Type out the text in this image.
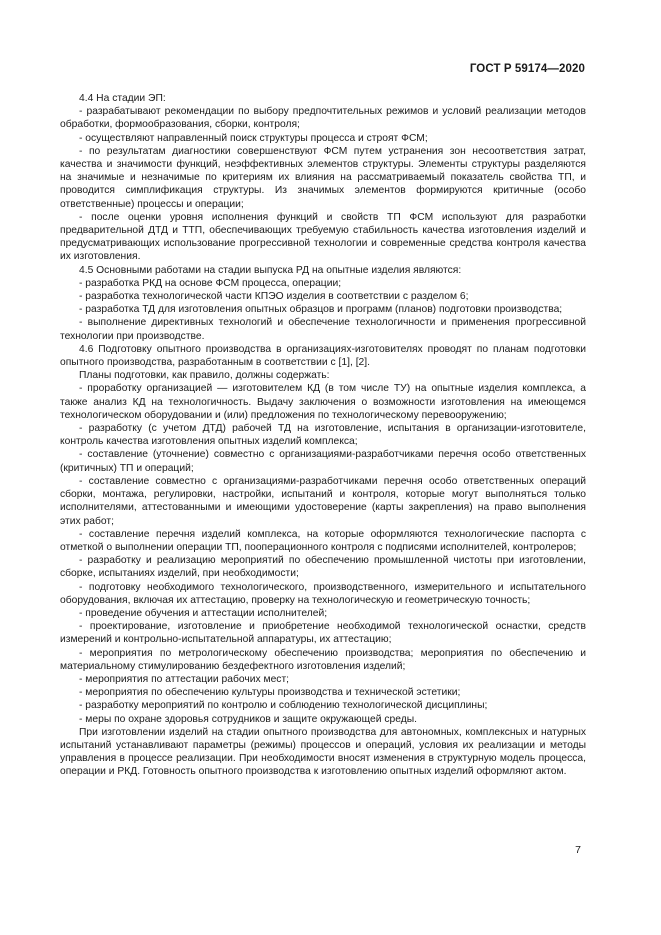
ГОСТ Р 59174—2020

4.4 На стадии ЭП:

- разрабатывают рекомендации по выбору предпочтительных режимов и условий реализации методов обработки, формообразования, сборки, контроля;

- осуществляют направленный поиск структуры процесса и строят ФСМ;

- по результатам диагностики совершенствуют ФСМ путем устранения зон несоответствия затрат, качества и значимости функций, неэффективных элементов структуры. Элементы структуры разделяются на значимые и незначимые по критериям их влияния на рассматриваемый показатель свойства ТП, и проводится симплификация структуры. Из значимых элементов формируются критичные (особо ответственные) процессы и операции;

- после оценки уровня исполнения функций и свойств ТП ФСМ используют для разработки предварительной ДТД и ТТП, обеспечивающих требуемую стабильность качества изготовления изделий и предусматривающих использование прогрессивной технологии и современные средства контроля качества их изготовления.

4.5 Основными работами на стадии выпуска РД на опытные изделия являются:

- разработка РКД на основе ФСМ процесса, операции;

- разработка технологической части КПЭО изделия в соответствии с разделом 6;

- разработка ТД для изготовления опытных образцов и программ (планов) подготовки производства;

- выполнение директивных технологий и обеспечение технологичности и применения прогрессивной технологии при производстве.

4.6 Подготовку опытного производства в организациях-изготовителях проводят по планам подготовки опытного производства, разработанным в соответствии с [1], [2].

Планы подготовки, как правило, должны содержать:

- проработку организацией — изготовителем КД (в том числе ТУ) на опытные изделия комплекса, а также анализ КД на технологичность. Выдачу заключения о возможности изготовления на имеющемся технологическом оборудовании и (или) предложения по технологическому перевооружению;

- разработку (с учетом ДТД) рабочей ТД на изготовление, испытания в организации-изготовителе, контроль качества изготовления опытных изделий комплекса;

- составление (уточнение) совместно с организациями-разработчиками перечня особо ответственных (критичных) ТП и операций;

- составление совместно с организациями-разработчиками перечня особо ответственных операций сборки, монтажа, регулировки, настройки, испытаний и контроля, которые могут выполняться только исполнителями, аттестованными и имеющими удостоверение (карты закрепления) на право выполнения этих работ;

- составление перечня изделий комплекса, на которые оформляются технологические паспорта с отметкой о выполнении операции ТП, пооперационного контроля с подписями исполнителей, контролеров;

- разработку и реализацию мероприятий по обеспечению промышленной чистоты при изготовлении, сборке, испытаниях изделий, при необходимости;

- подготовку необходимого технологического, производственного, измерительного и испытательного оборудования, включая их аттестацию, проверку на технологическую и геометрическую точность;

- проведение обучения и аттестации исполнителей;

- проектирование, изготовление и приобретение необходимой технологической оснастки, средств измерений и контрольно-испытательной аппаратуры, их аттестацию;

- мероприятия по метрологическому обеспечению производства; мероприятия по обеспечению и материальному стимулированию бездефектного изготовления изделий;

- мероприятия по аттестации рабочих мест;

- мероприятия по обеспечению культуры производства и технической эстетики;

- разработку мероприятий по контролю и соблюдению технологической дисциплины;

- меры по охране здоровья сотрудников и защите окружающей среды.

При изготовлении изделий на стадии опытного производства для автономных, комплексных и натурных испытаний устанавливают параметры (режимы) процессов и операций, условия их реализации и методы управления в процессе реализации. При необходимости вносят изменения в структурную модель процесса, операции и РКД. Готовность опытного производства к изготовлению опытных изделий оформляют актом.

7
